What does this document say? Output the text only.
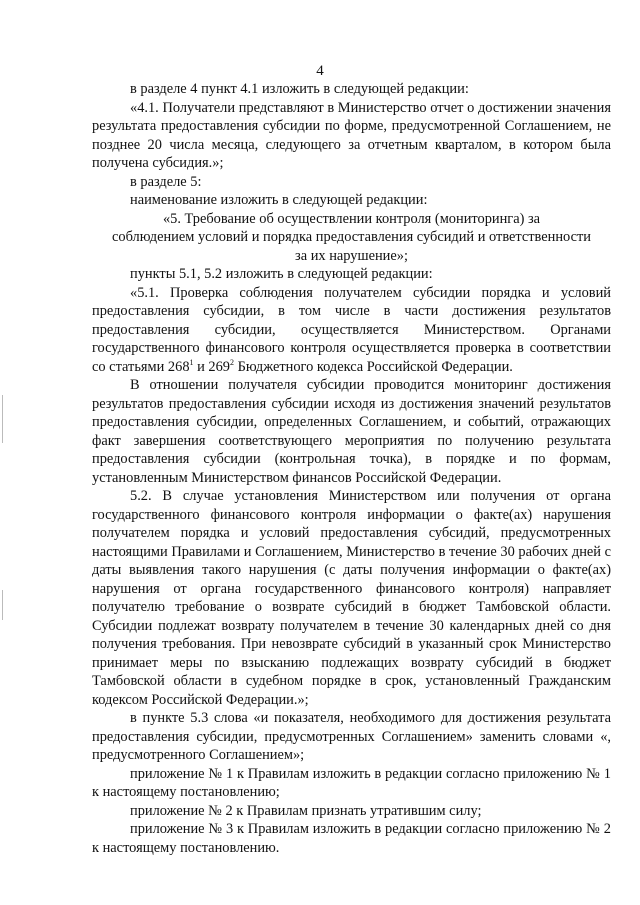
4

в разделе 4 пункт 4.1 изложить в следующей редакции:

«4.1. Получатели представляют в Министерство отчет о достижении значения результата предоставления субсидии по форме, предусмотренной Соглашением, не позднее 20 числа месяца, следующего за отчетным кварталом, в котором была получена субсидия.»;

в разделе 5:

наименование изложить в следующей редакции:

«5. Требование об осуществлении контроля (мониторинга) за
соблюдением условий и порядка предоставления субсидий и ответственности
за их нарушение»;

пункты 5.1, 5.2 изложить в следующей редакции:

«5.1. Проверка соблюдения получателем субсидии порядка и условий предоставления субсидии, в том числе в части достижения результатов предоставления субсидии, осуществляется Министерством. Органами государственного финансового контроля осуществляется проверка в соответствии со статьями $268^1$ и $269^2$ Бюджетного кодекса Российской Федерации.

В отношении получателя субсидии проводится мониторинг достижения результатов предоставления субсидии исходя из достижения значений результатов предоставления субсидии, определенных Соглашением, и событий, отражающих факт завершения соответствующего мероприятия по получению результата предоставления субсидии (контрольная точка), в порядке и по формам, установленным Министерством финансов Российской Федерации.

5.2. В случае установления Министерством или получения от органа государственного финансового контроля информации о факте(ах) нарушения получателем порядка и условий предоставления субсидий, предусмотренных настоящими Правилами и Соглашением, Министерство в течение 30 рабочих дней с даты выявления такого нарушения (с даты получения информации о факте(ах) нарушения от органа государственного финансового контроля) направляет получателю требование о возврате субсидий в бюджет Тамбовской области. Субсидии подлежат возврату получателем в течение 30 календарных дней со дня получения требования. При невозврате субсидий в указанный срок Министерство принимает меры по взысканию подлежащих возврату субсидий в бюджет Тамбовской области в судебном порядке в срок, установленный Гражданским кодексом Российской Федерации.»;

в пункте 5.3 слова «и показателя, необходимого для достижения результата предоставления субсидии, предусмотренных Соглашением» заменить словами «, предусмотренного Соглашением»;

приложение № 1 к Правилам изложить в редакции согласно приложению № 1 к настоящему постановлению;

приложение № 2 к Правилам признать утратившим силу;

приложение № 3 к Правилам изложить в редакции согласно приложению № 2 к настоящему постановлению.
